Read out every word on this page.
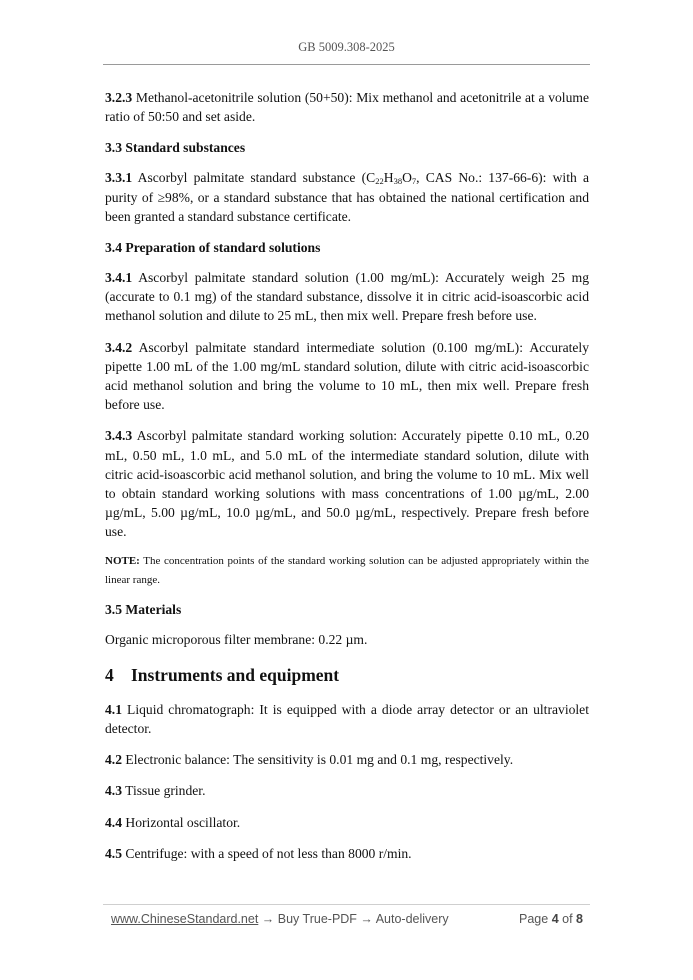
GB 5009.308-2025

3.2.3 Methanol-acetonitrile solution (50+50): Mix methanol and acetonitrile at a volume ratio of 50:50 and set aside.

3.3 Standard substances

3.3.1 Ascorbyl palmitate standard substance ($C_{22}H_{38}O_7$, CAS No.: 137-66-6): with a purity of ≥98%, or a standard substance that has obtained the national certification and been granted a standard substance certificate.

3.4 Preparation of standard solutions

3.4.1 Ascorbyl palmitate standard solution (1.00 mg/mL): Accurately weigh 25 mg (accurate to 0.1 mg) of the standard substance, dissolve it in citric acid-isoascorbic acid methanol solution and dilute to 25 mL, then mix well. Prepare fresh before use.

3.4.2 Ascorbyl palmitate standard intermediate solution (0.100 mg/mL): Accurately pipette 1.00 mL of the 1.00 mg/mL standard solution, dilute with citric acid-isoascorbic acid methanol solution and bring the volume to 10 mL, then mix well. Prepare fresh before use.

3.4.3 Ascorbyl palmitate standard working solution: Accurately pipette 0.10 mL, 0.20 mL, 0.50 mL, 1.0 mL, and 5.0 mL of the intermediate standard solution, dilute with citric acid-isoascorbic acid methanol solution, and bring the volume to 10 mL. Mix well to obtain standard working solutions with mass concentrations of 1.00 µg/mL, 2.00 µg/mL, 5.00 µg/mL, 10.0 µg/mL, and 50.0 µg/mL, respectively. Prepare fresh before use.

NOTE: The concentration points of the standard working solution can be adjusted appropriately within the linear range.

3.5 Materials

Organic microporous filter membrane: 0.22 µm.

4 Instruments and equipment

4.1 Liquid chromatograph: It is equipped with a diode array detector or an ultraviolet detector.

4.2 Electronic balance: The sensitivity is 0.01 mg and 0.1 mg, respectively.

4.3 Tissue grinder.

4.4 Horizontal oscillator.

4.5 Centrifuge: with a speed of not less than 8000 r/min.

www.ChineseStandard.net → Buy True-PDF → Auto-delivery	Page 4 of 8
